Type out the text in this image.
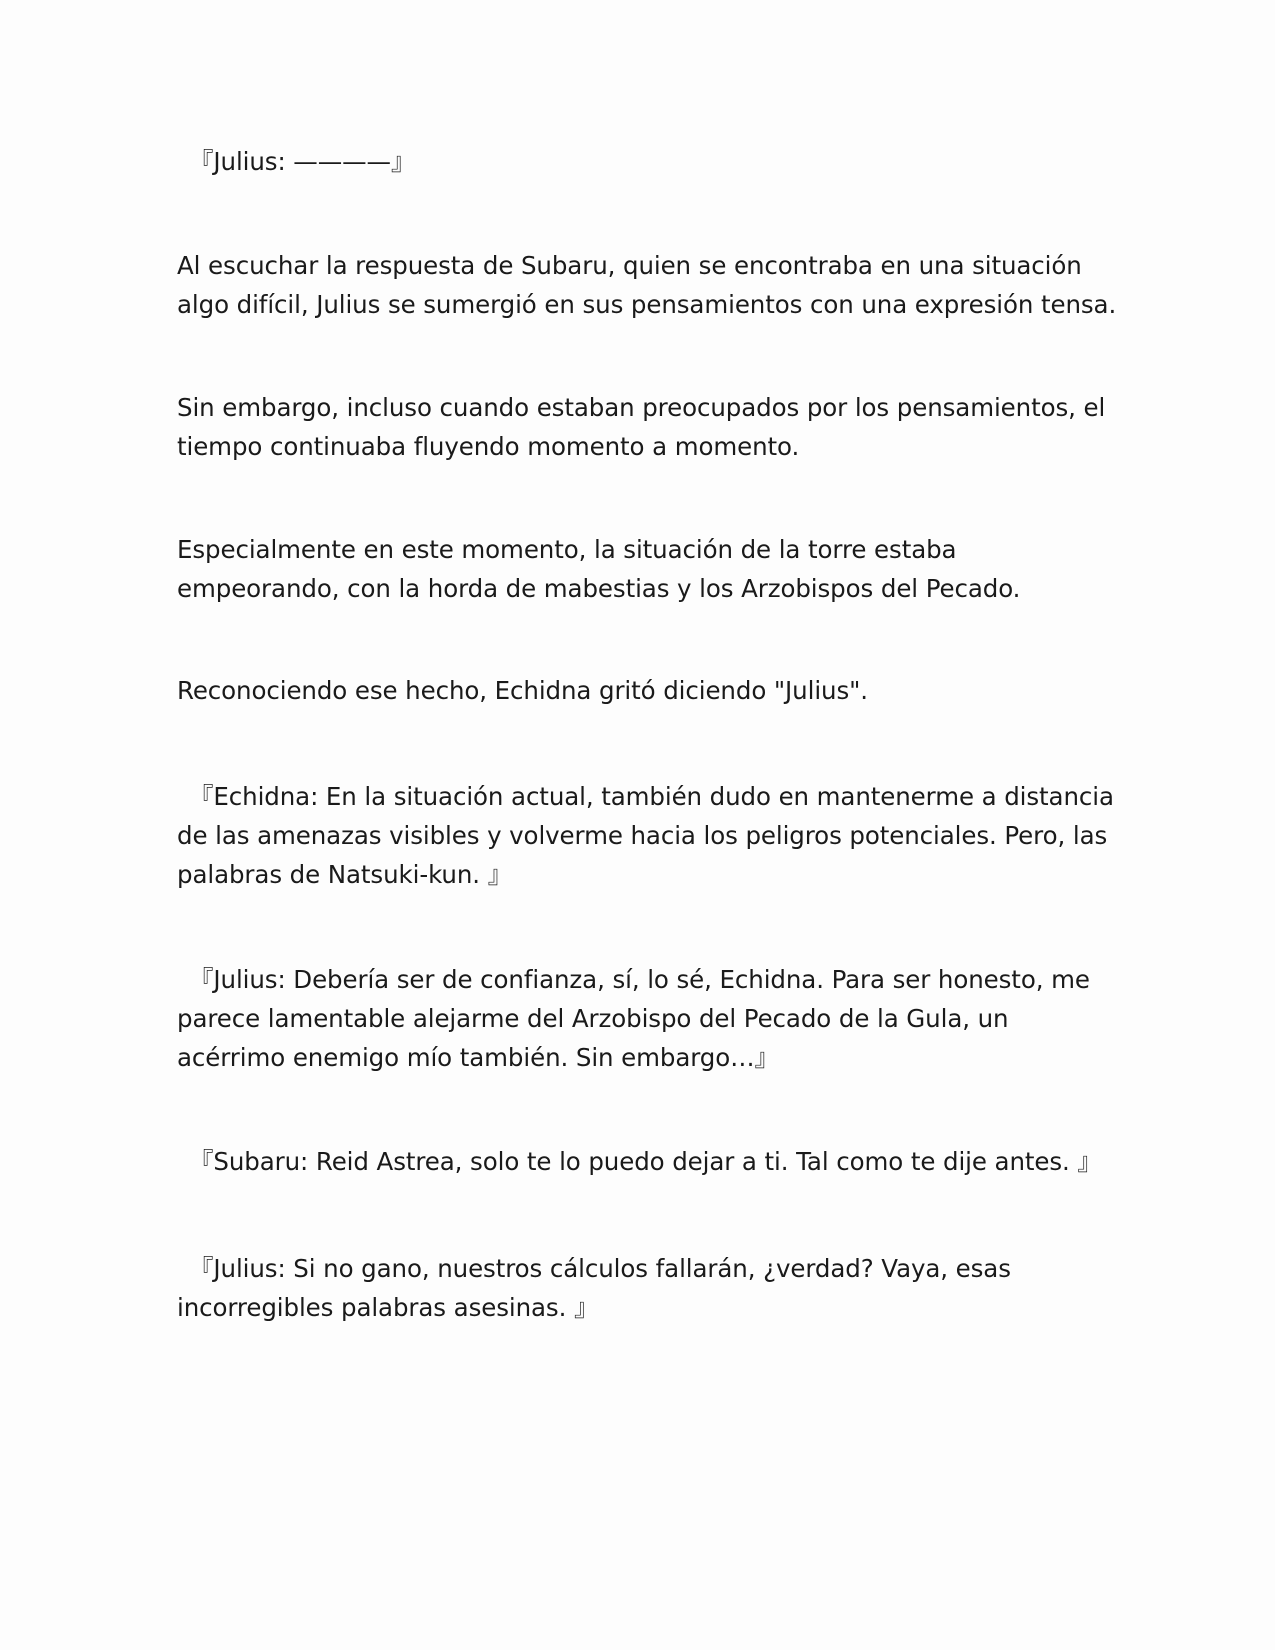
『Julius: ————』

Al escuchar la respuesta de Subaru, quien se encontraba en una situación algo difícil, Julius se sumergió en sus pensamientos con una expresión tensa.

Sin embargo, incluso cuando estaban preocupados por los pensamientos, el tiempo continuaba fluyendo momento a momento.

Especialmente en este momento, la situación de la torre estaba empeorando, con la horda de mabestias y los Arzobispos del Pecado.

Reconociendo ese hecho, Echidna gritó diciendo "Julius".

『Echidna: En la situación actual, también dudo en mantenerme a distancia de las amenazas visibles y volverme hacia los peligros potenciales. Pero, las palabras de Natsuki-kun. 』

『Julius: Debería ser de confianza, sí, lo sé, Echidna. Para ser honesto, me parece lamentable alejarme del Arzobispo del Pecado de la Gula, un acérrimo enemigo mío también. Sin embargo…』

『Subaru: Reid Astrea, solo te lo puedo dejar a ti. Tal como te dije antes. 』

『Julius: Si no gano, nuestros cálculos fallarán, ¿verdad? Vaya, esas incorregibles palabras asesinas. 』
